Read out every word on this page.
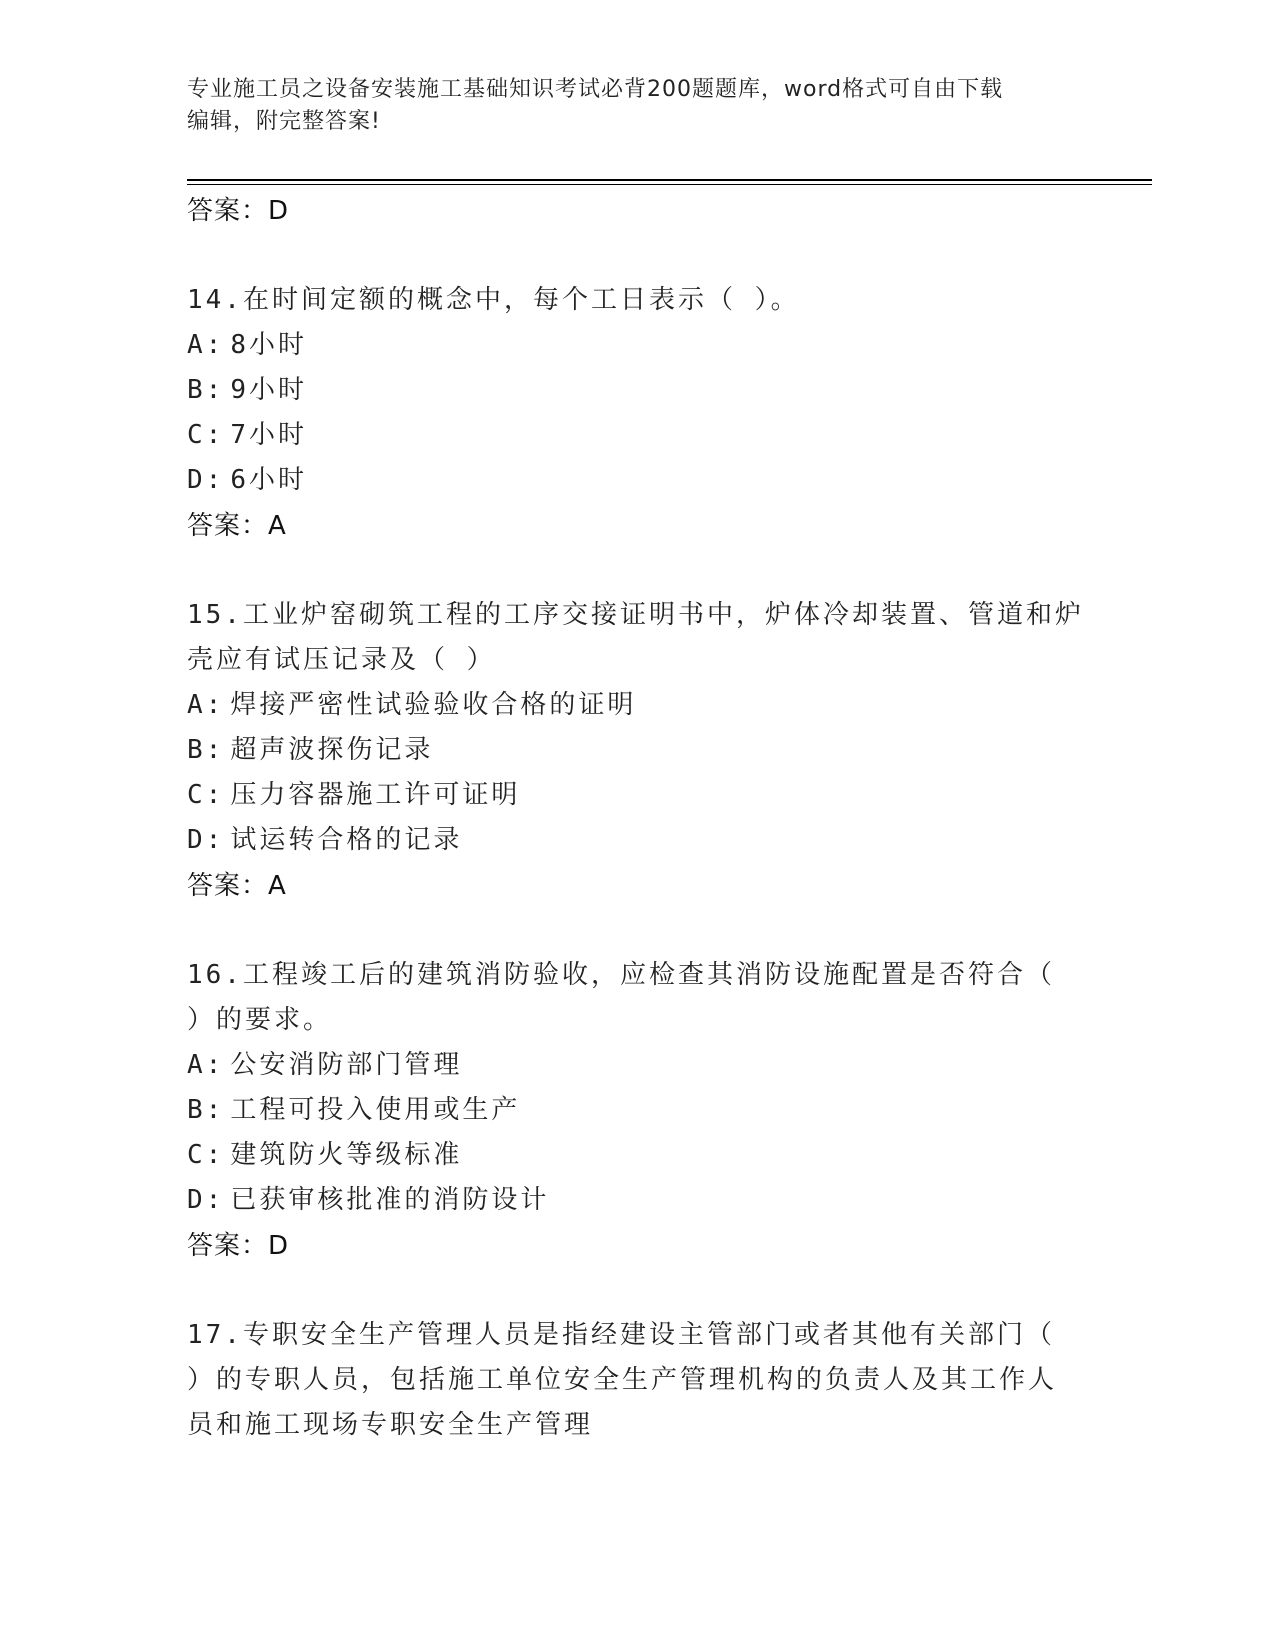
专业施工员之设备安装施工基础知识考试必背200题题库，word格式可自由下载
编辑，附完整答案!

答案：D

14.在时间定额的概念中，每个工日表示（ ）。

A: 8小时

B: 9小时

C: 7小时

D: 6小时

答案：A

15.工业炉窑砌筑工程的工序交接证明书中，炉体冷却装置、管道和炉

壳应有试压记录及（ ）

A: 焊接严密性试验验收合格的证明

B: 超声波探伤记录

C: 压力容器施工许可证明

D: 试运转合格的记录

答案：A

16.工程竣工后的建筑消防验收，应检查其消防设施配置是否符合（

）的要求。

A: 公安消防部门管理

B: 工程可投入使用或生产

C: 建筑防火等级标准

D: 已获审核批准的消防设计

答案：D

17.专职安全生产管理人员是指经建设主管部门或者其他有关部门（

）的专职人员，包括施工单位安全生产管理机构的负责人及其工作人

员和施工现场专职安全生产管理
